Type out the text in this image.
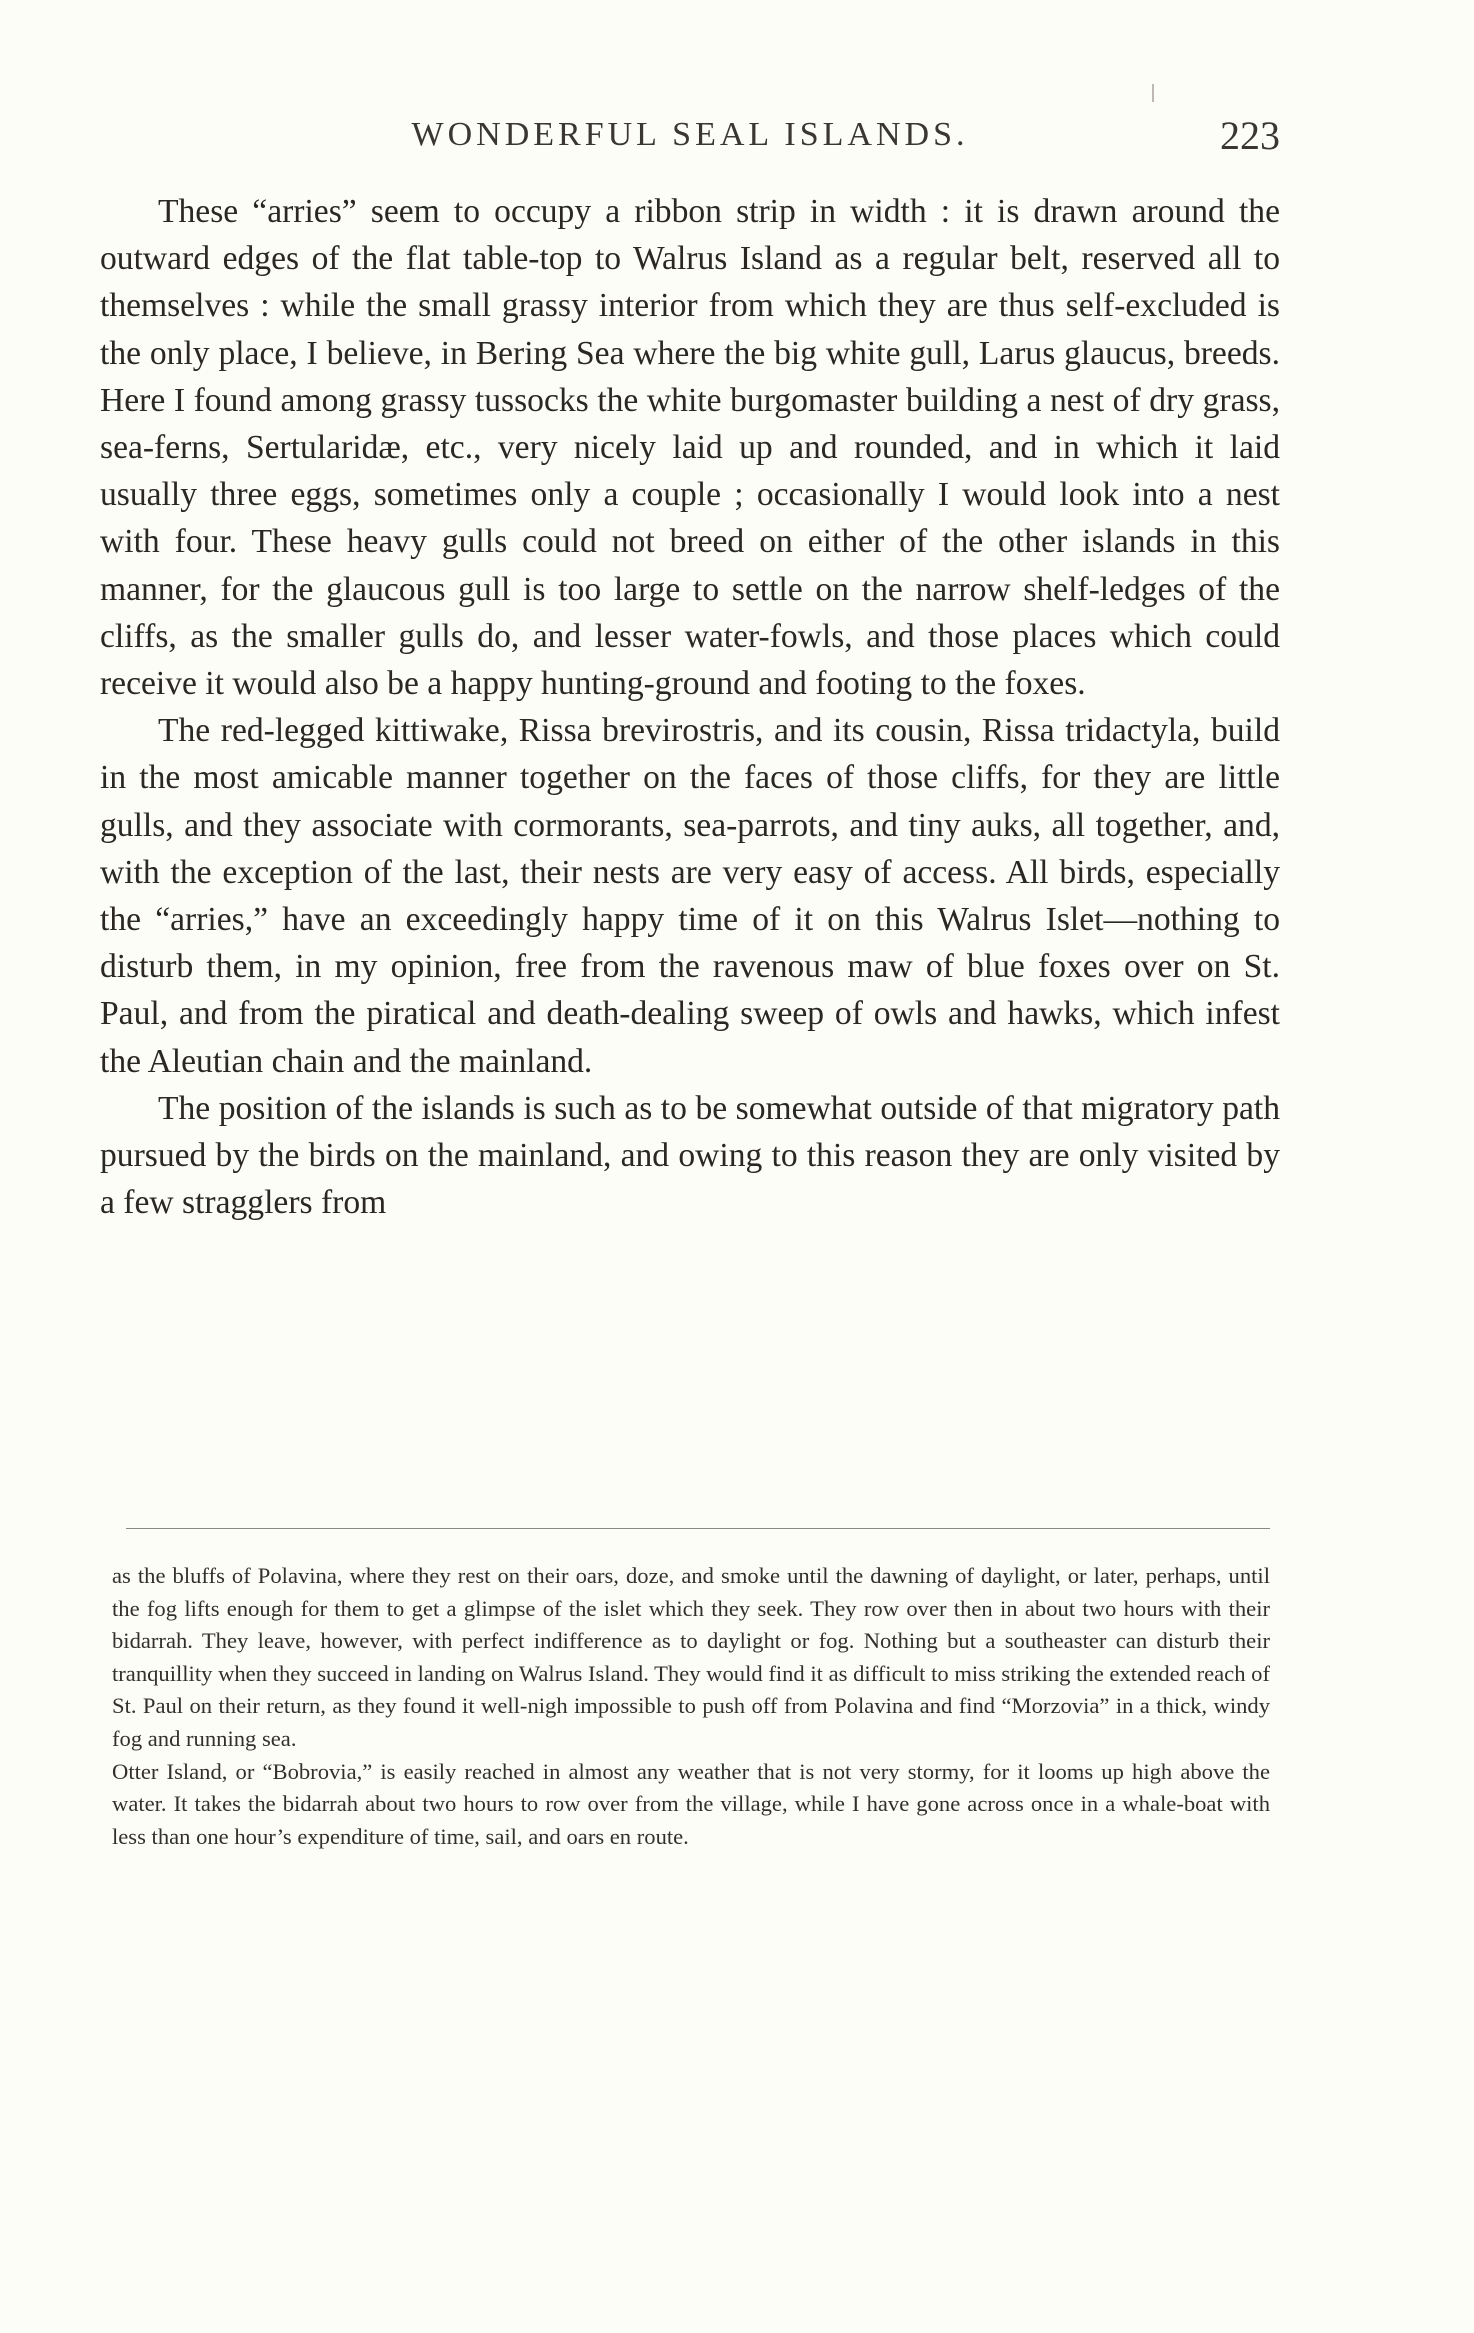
WONDERFUL SEAL ISLANDS.	223

These “arries” seem to occupy a ribbon strip in width : it is drawn around the outward edges of the flat table-top to Walrus Island as a regular belt, reserved all to themselves : while the small grassy interior from which they are thus self-excluded is the only place, I believe, in Bering Sea where the big white gull, Larus glaucus, breeds. Here I found among grassy tussocks the white burgomaster building a nest of dry grass, sea-ferns, Sertularidæ, etc., very nicely laid up and rounded, and in which it laid usually three eggs, sometimes only a couple ; occasionally I would look into a nest with four. These heavy gulls could not breed on either of the other islands in this manner, for the glaucous gull is too large to settle on the narrow shelf-ledges of the cliffs, as the smaller gulls do, and lesser water-fowls, and those places which could receive it would also be a happy hunting-ground and footing to the foxes.

The red-legged kittiwake, Rissa brevirostris, and its cousin, Rissa tridactyla, build in the most amicable manner together on the faces of those cliffs, for they are little gulls, and they associate with cormorants, sea-parrots, and tiny auks, all together, and, with the exception of the last, their nests are very easy of access. All birds, especially the “arries,” have an exceedingly happy time of it on this Walrus Islet—nothing to disturb them, in my opinion, free from the ravenous maw of blue foxes over on St. Paul, and from the piratical and death-dealing sweep of owls and hawks, which infest the Aleutian chain and the mainland.

The position of the islands is such as to be somewhat outside of that migratory path pursued by the birds on the mainland, and owing to this reason they are only visited by a few stragglers from

as the bluffs of Polavina, where they rest on their oars, doze, and smoke until the dawning of daylight, or later, perhaps, until the fog lifts enough for them to get a glimpse of the islet which they seek. They row over then in about two hours with their bidarrah. They leave, however, with perfect indifference as to daylight or fog. Nothing but a southeaster can disturb their tranquillity when they succeed in landing on Walrus Island. They would find it as difficult to miss striking the extended reach of St. Paul on their return, as they found it well-nigh impossible to push off from Polavina and find “Morzovia” in a thick, windy fog and running sea.

Otter Island, or “Bobrovia,” is easily reached in almost any weather that is not very stormy, for it looms up high above the water. It takes the bidarrah about two hours to row over from the village, while I have gone across once in a whale-boat with less than one hour’s expenditure of time, sail, and oars en route.
